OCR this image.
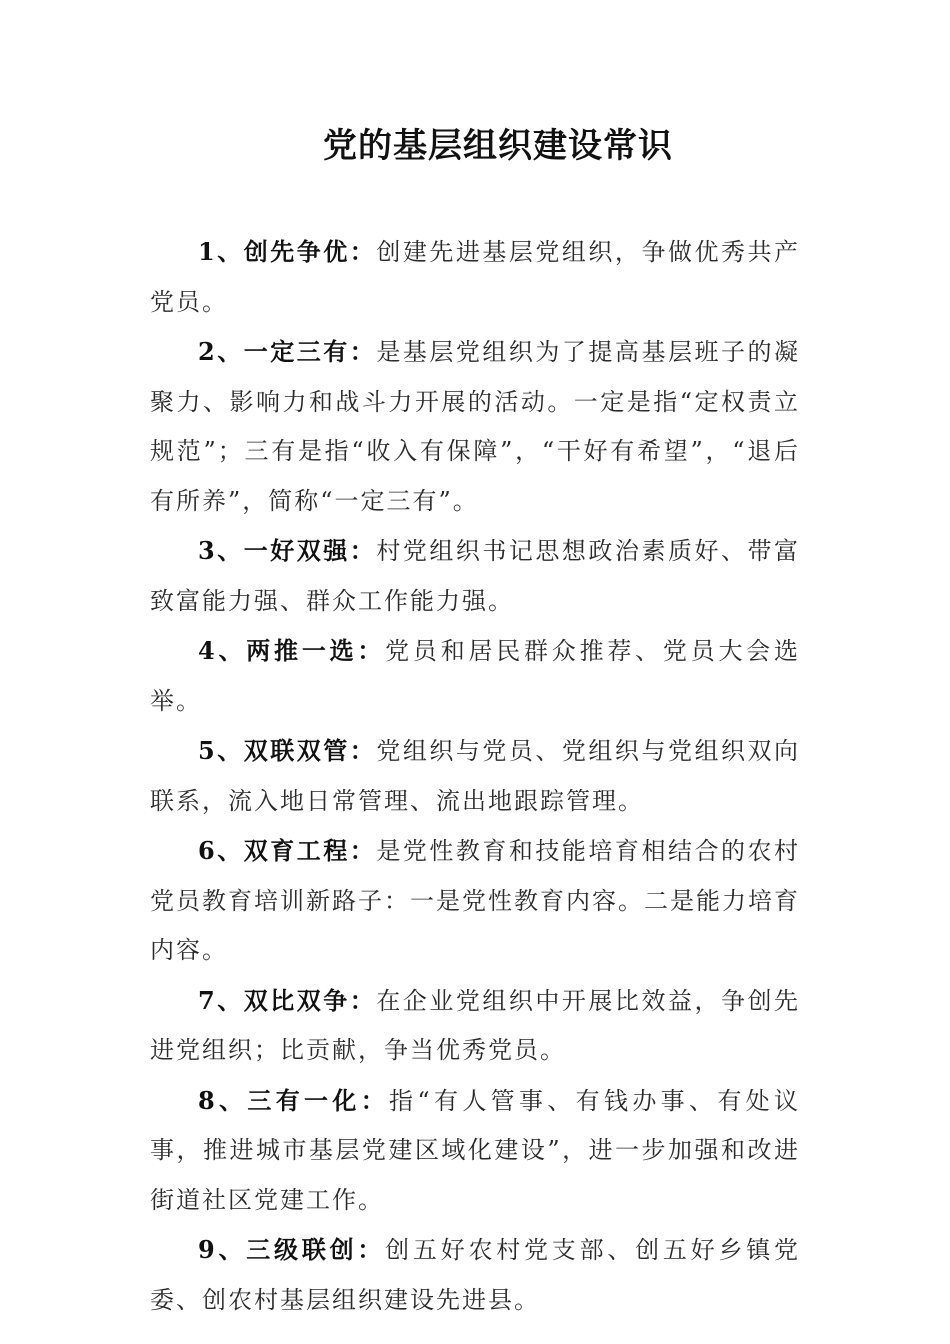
党的基层组织建设常识

1、创先争优：创建先进基层党组织，争做优秀共产党员。

2、一定三有：是基层党组织为了提高基层班子的凝聚力、影响力和战斗力开展的活动。一定是指“定权责立规范”；三有是指“收入有保障”，“干好有希望”，“退后有所养”，简称“一定三有”。

3、一好双强：村党组织书记思想政治素质好、带富致富能力强、群众工作能力强。

4、两推一选：党员和居民群众推荐、党员大会选举。

5、双联双管：党组织与党员、党组织与党组织双向联系，流入地日常管理、流出地跟踪管理。

6、双育工程：是党性教育和技能培育相结合的农村党员教育培训新路子：一是党性教育内容。二是能力培育内容。

7、双比双争：在企业党组织中开展比效益，争创先进党组织；比贡献，争当优秀党员。

8、三有一化：指“有人管事、有钱办事、有处议事，推进城市基层党建区域化建设”，进一步加强和改进街道社区党建工作。

9、三级联创：创五好农村党支部、创五好乡镇党委、创农村基层组织建设先进县。
